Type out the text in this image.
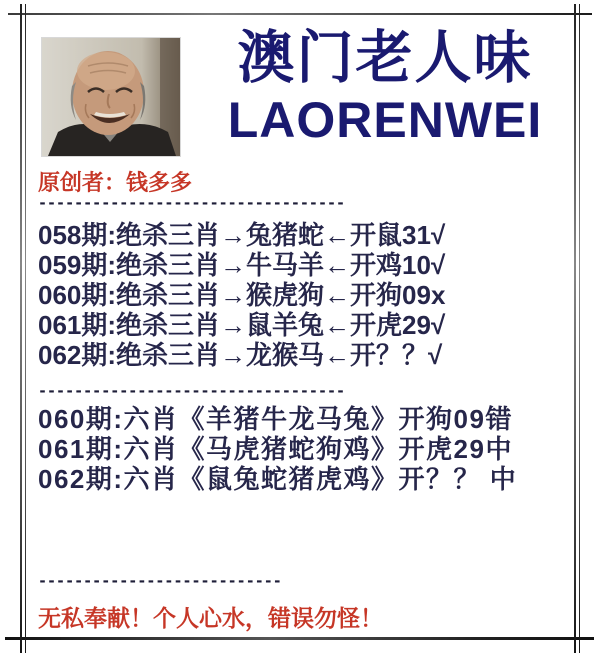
澳门老人味
LAORENWEI
原创者：钱多多
----------------------------------
058期:绝杀三肖→兔猪蛇←开鼠31√
059期:绝杀三肖→牛马羊←开鸡10√
060期:绝杀三肖→猴虎狗←开狗09x
061期:绝杀三肖→鼠羊兔←开虎29√
062期:绝杀三肖→龙猴马←开？？√
----------------------------------
060期:六肖《羊猪牛龙马兔》开狗09错
061期:六肖《马虎猪蛇狗鸡》开虎29中
062期:六肖《鼠兔蛇猪虎鸡》开？？ 中
---------------------------
无私奉献！个人心水，错误勿怪！
